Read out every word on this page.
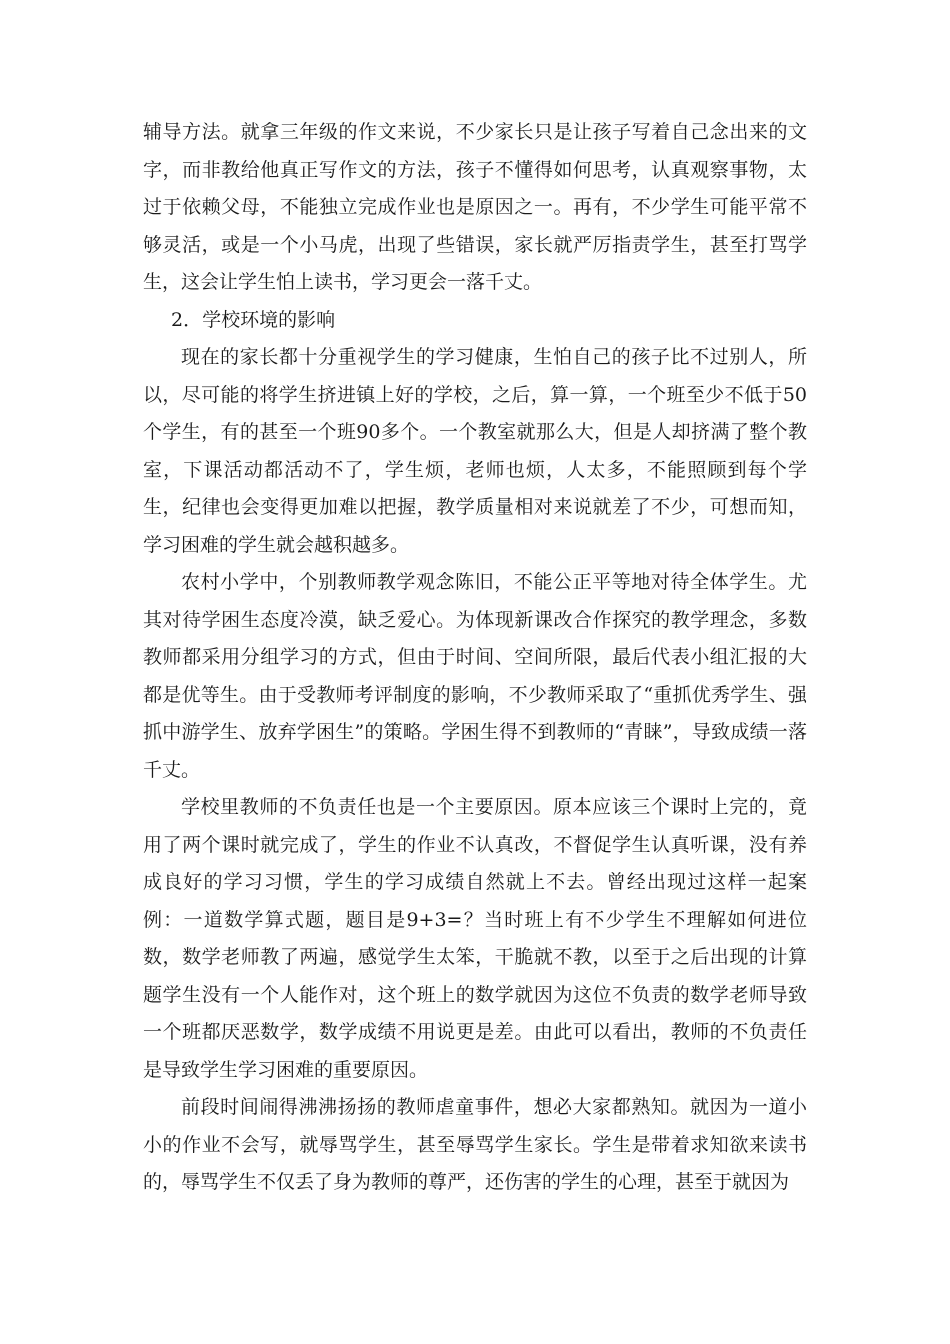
辅导方法。就拿三年级的作文来说，不少家长只是让孩子写着自己念出来的文字，而非教给他真正写作文的方法，孩子不懂得如何思考，认真观察事物，太过于依赖父母，不能独立完成作业也是原因之一。再有，不少学生可能平常不够灵活，或是一个小马虎，出现了些错误，家长就严厉指责学生，甚至打骂学生，这会让学生怕上读书，学习更会一落千丈。

2．学校环境的影响

现在的家长都十分重视学生的学习健康，生怕自己的孩子比不过别人，所以，尽可能的将学生挤进镇上好的学校，之后，算一算，一个班至少不低于50个学生，有的甚至一个班90多个。一个教室就那么大，但是人却挤满了整个教室，下课活动都活动不了，学生烦，老师也烦，人太多，不能照顾到每个学生，纪律也会变得更加难以把握，教学质量相对来说就差了不少，可想而知，学习困难的学生就会越积越多。

农村小学中，个别教师教学观念陈旧，不能公正平等地对待全体学生。尤其对待学困生态度冷漠，缺乏爱心。为体现新课改合作探究的教学理念，多数教师都采用分组学习的方式，但由于时间、空间所限，最后代表小组汇报的大都是优等生。由于受教师考评制度的影响，不少教师采取了“重抓优秀学生、强抓中游学生、放弃学困生”的策略。学困生得不到教师的“青睐”，导致成绩一落千丈。

学校里教师的不负责任也是一个主要原因。原本应该三个课时上完的，竟用了两个课时就完成了，学生的作业不认真改，不督促学生认真听课，没有养成良好的学习习惯，学生的学习成绩自然就上不去。曾经出现过这样一起案例：一道数学算式题，题目是9+3=？当时班上有不少学生不理解如何进位数，数学老师教了两遍，感觉学生太笨，干脆就不教，以至于之后出现的计算题学生没有一个人能作对，这个班上的数学就因为这位不负责的数学老师导致一个班都厌恶数学，数学成绩不用说更是差。由此可以看出，教师的不负责任是导致学生学习困难的重要原因。

前段时间闹得沸沸扬扬的教师虐童事件，想必大家都熟知。就因为一道小小的作业不会写，就辱骂学生，甚至辱骂学生家长。学生是带着求知欲来读书的，辱骂学生不仅丢了身为教师的尊严，还伤害的学生的心理，甚至于就因为
